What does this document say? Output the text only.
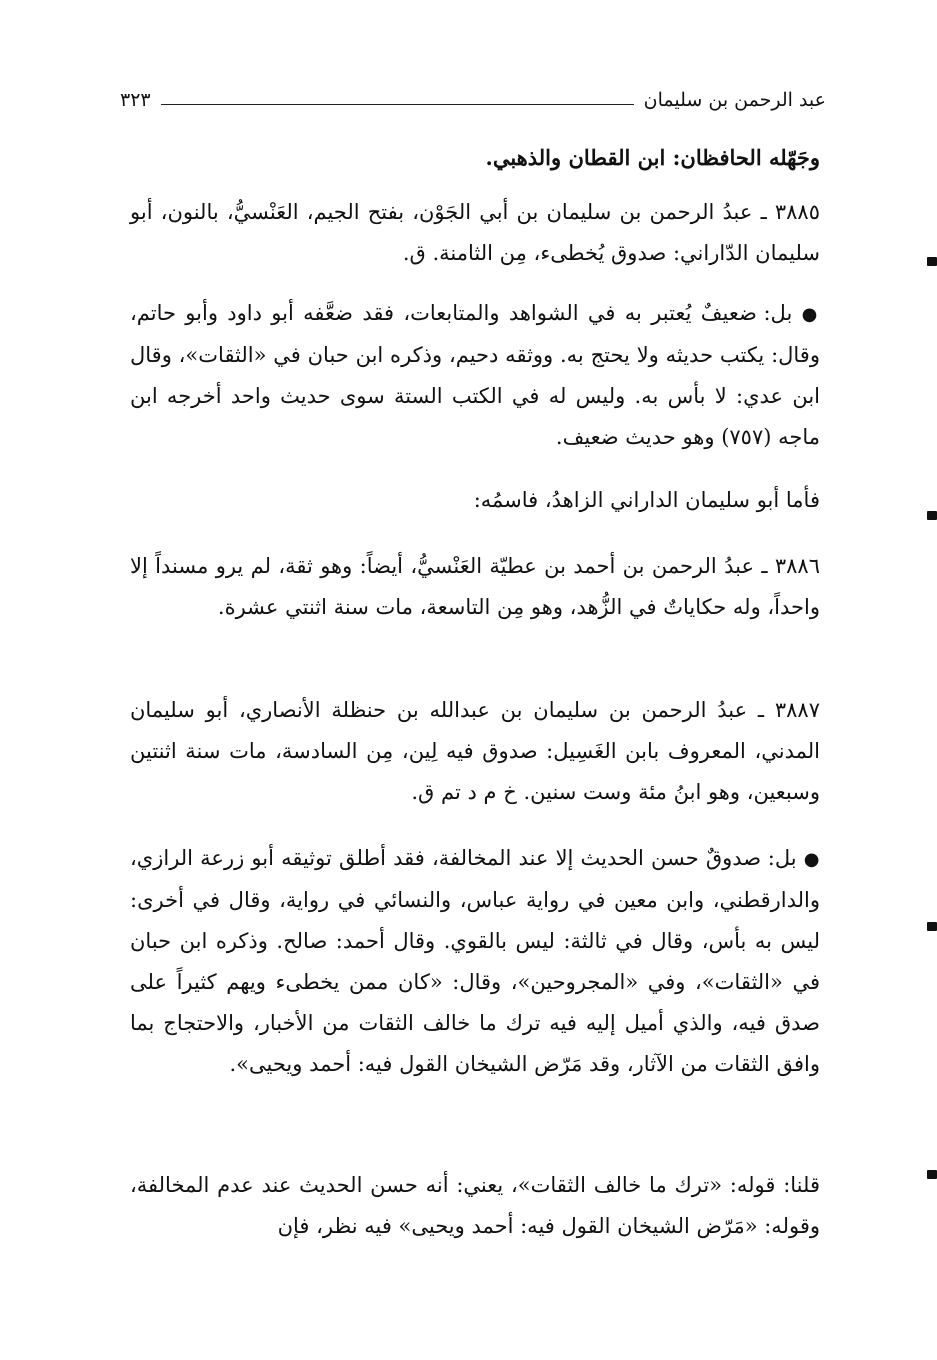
عبد الرحمن بن سليمان
٣٢٣
وجَهّله الحافظان: ابن القطان والذهبي.
٣٨٨٥ ـ عبدُ الرحمن بن سليمان بن أبي الجَوْن، بفتح الجيم، العَنْسيُّ، بالنون، أبو سليمان الدّاراني: صدوق يُخطىء، مِن الثامنة. ق.
● بل: ضعيفٌ يُعتبر به في الشواهد والمتابعات، فقد ضعَّفه أبو داود وأبو حاتم، وقال: يكتب حديثه ولا يحتج به. ووثقه دحيم، وذكره ابن حبان في «الثقات»، وقال ابن عدي: لا بأس به. وليس له في الكتب الستة سوى حديث واحد أخرجه ابن ماجه (٧٥٧) وهو حديث ضعيف.
فأما أبو سليمان الداراني الزاهدُ، فاسمُه:
٣٨٨٦ ـ عبدُ الرحمن بن أحمد بن عطيّة العَنْسيُّ، أيضاً: وهو ثقة، لم يرو مسنداً إلا واحداً، وله حكاياتٌ في الزُّهد، وهو مِن التاسعة، مات سنة اثنتي عشرة.
٣٨٨٧ ـ عبدُ الرحمن بن سليمان بن عبدالله بن حنظلة الأنصاري، أبو سليمان المدني، المعروف بابن الغَسِيل: صدوق فيه لِين، مِن السادسة، مات سنة اثنتين وسبعين، وهو ابنُ مئة وست سنين. خ م د تم ق.
● بل: صدوقٌ حسن الحديث إلا عند المخالفة، فقد أطلق توثيقه أبو زرعة الرازي، والدارقطني، وابن معين في رواية عباس، والنسائي في رواية، وقال في أخرى: ليس به بأس، وقال في ثالثة: ليس بالقوي. وقال أحمد: صالح. وذكره ابن حبان في «الثقات»، وفي «المجروحين»، وقال: «كان ممن يخطىء ويهم كثيراً على صدق فيه، والذي أميل إليه فيه ترك ما خالف الثقات من الأخبار، والاحتجاج بما وافق الثقات من الآثار، وقد مَرّض الشيخان القول فيه: أحمد ويحيى».
قلنا: قوله: «ترك ما خالف الثقات»، يعني: أنه حسن الحديث عند عدم المخالفة، وقوله: «مَرّض الشيخان القول فيه: أحمد ويحيى» فيه نظر، فإن
